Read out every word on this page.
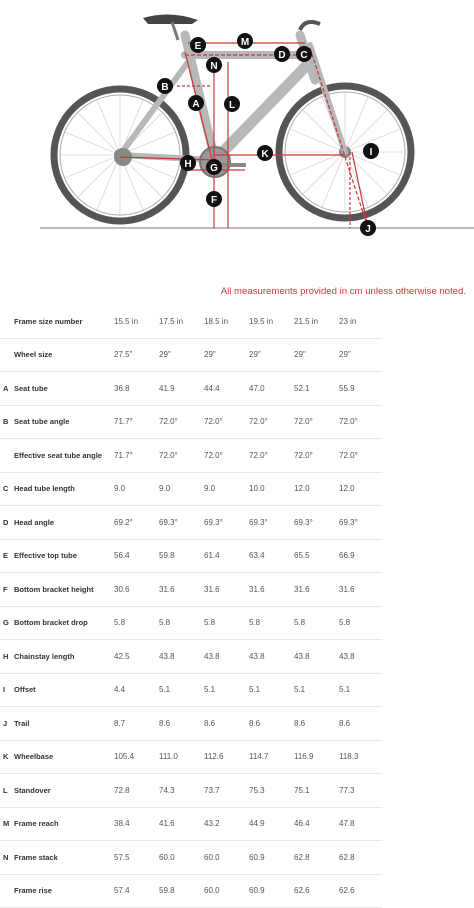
A
B
C
D
E
F
G
H
I
J
K
L
M
N
All measurements provided in cm unless otherwise noted.
	Frame size number	15.5 in	17.5 in	18.5 in	19.5 in	21.5 in	23 in
	Wheel size	27.5"	29"	29"	29"	29"	29"
A	Seat tube	36.8	41.9	44.4	47.0	52.1	55.9
B	Seat tube angle	71.7°	72.0°	72.0°	72.0°	72.0°	72.0°
	Effective seat tube angle	71.7°	72.0°	72.0°	72.0°	72.0°	72.0°
C	Head tube length	9.0	9.0	9.0	10.0	12.0	12.0
D	Head angle	69.2°	69.3°	69.3°	69.3°	69.3°	69.3°
E	Effective top tube	56.4	59.8	61.4	63.4	65.5	66.9
F	Bottom bracket height	30.6	31.6	31.6	31.6	31.6	31.6
G	Bottom bracket drop	5.8	5.8	5.8	5.8	5.8	5.8
H	Chainstay length	42.5	43.8	43.8	43.8	43.8	43.8
I	Offset	4.4	5.1	5.1	5.1	5.1	5.1
J	Trail	8.7	8.6	8.6	8.6	8.6	8.6
K	Wheelbase	105.4	111.0	112.6	114.7	116.9	118.3
L	Standover	72.8	74.3	73.7	75.3	75.1	77.3
M	Frame reach	38.4	41.6	43.2	44.9	46.4	47.8
N	Frame stack	57.5	60.0	60.0	60.9	62.8	62.8
	Frame rise	57.4	59.8	60.0	60.9	62.6	62.6
